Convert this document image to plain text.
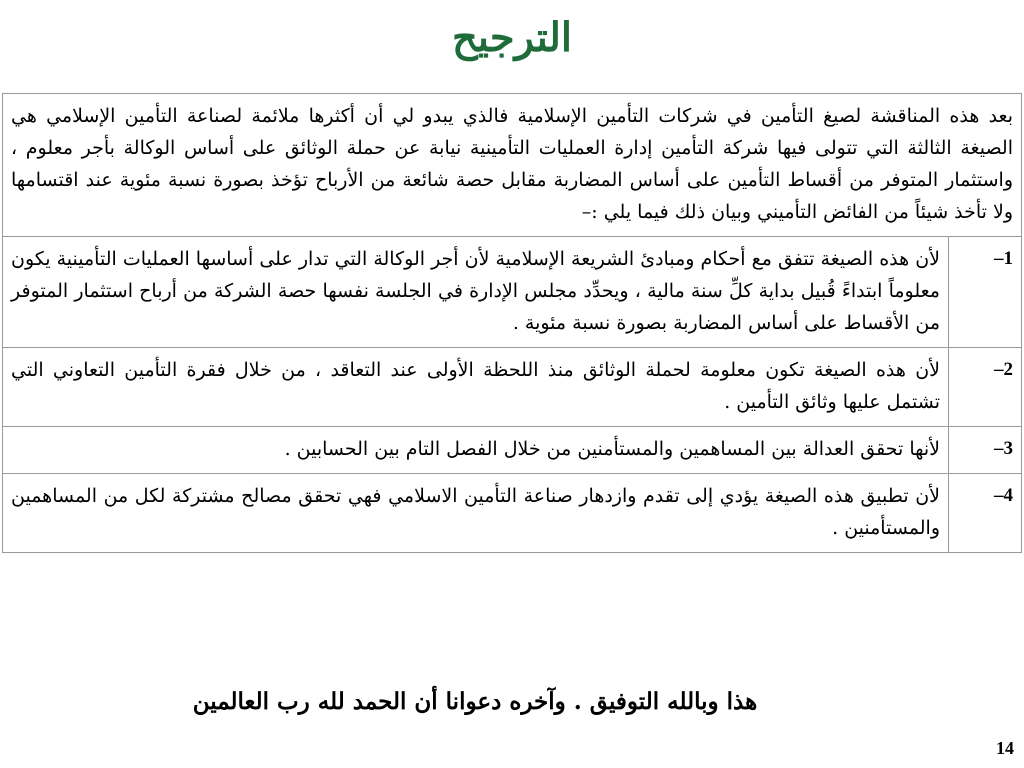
الترجيح
بعد هذه المناقشة لصيغ التأمين في شركات التأمين الإسلامية فالذي يبدو لي أن أكثرها ملائمة لصناعة التأمين الإسلامي هي الصيغة الثالثة التي تتولى فيها شركة التأمين إدارة العمليات التأمينية نيابة عن حملة الوثائق على أساس الوكالة بأجر معلوم ، واستثمار المتوفر من أقساط التأمين على أساس المضاربة مقابل حصة شائعة من الأرباح تؤخذ بصورة نسبة مئوية عند اقتسامها ولا تأخذ شيئاً من الفائض التأميني وبيان ذلك فيما يلي :–	
1–	لأن هذه الصيغة تتفق مع أحكام ومبادئ الشريعة الإسلامية لأن أجر الوكالة التي تدار على أساسها العمليات التأمينية يكون معلوماً ابتداءً قُبيل بداية كلِّ سنة مالية ، ويحدِّد مجلس الإدارة في الجلسة نفسها حصة الشركة من أرباح استثمار المتوفر من الأقساط على أساس المضاربة بصورة نسبة مئوية .
2–	لأن هذه الصيغة تكون معلومة لحملة الوثائق منذ اللحظة الأولى عند التعاقد ، من خلال فقرة التأمين التعاوني التي تشتمل عليها وثائق التأمين .
3–	لأنها تحقق العدالة بين المساهمين والمستأمنين من خلال الفصل التام بين الحسابين .
4–	لأن تطبيق هذه الصيغة يؤدي إلى تقدم وازدهار صناعة التأمين الاسلامي فهي تحقق مصالح مشتركة لكل من المساهمين والمستأمنين .
هذا وبالله التوفيق . وآخره دعوانا أن الحمد لله رب العالمين
14
